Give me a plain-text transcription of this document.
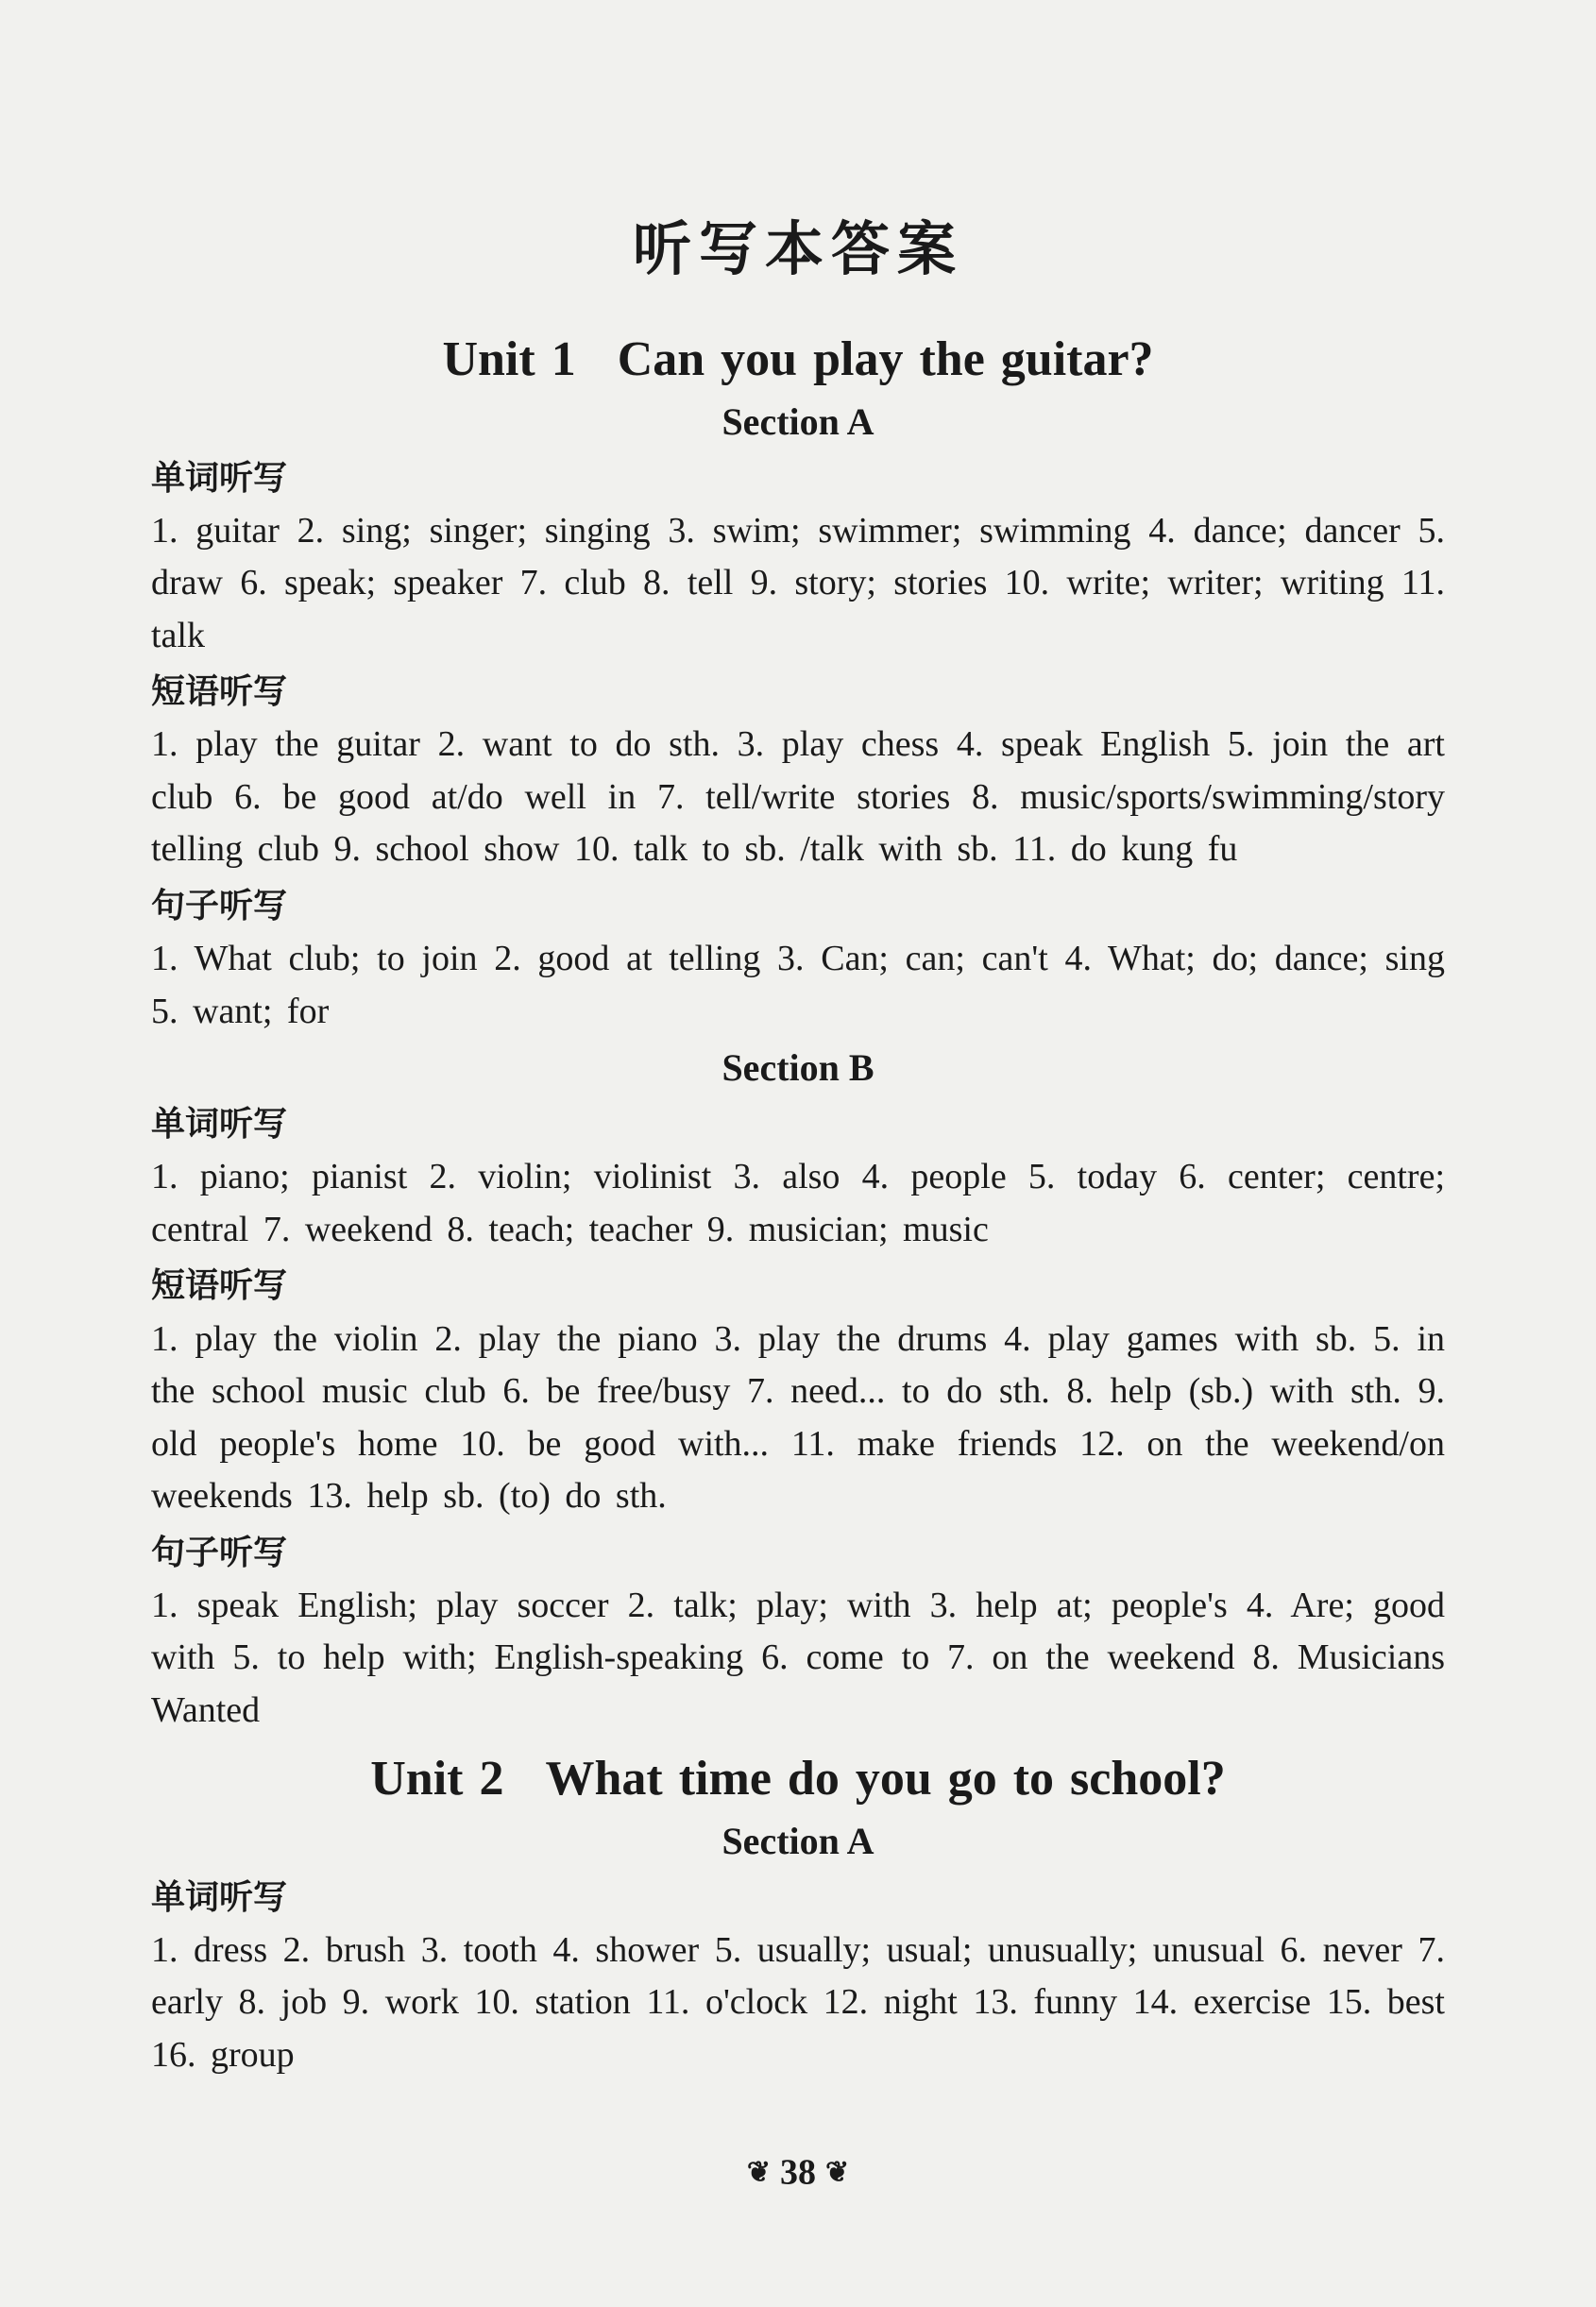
听写本答案
Unit 1 Can you play the guitar?
Section A
单词听写

1. guitar 2. sing; singer; singing 3. swim; swimmer; swimming 4. dance; dancer 5. draw 6. speak; speaker 7. club 8. tell 9. story; stories 10. write; writer; writing 11. talk

短语听写

1. play the guitar 2. want to do sth. 3. play chess 4. speak English 5. join the art club 6. be good at/do well in 7. tell/write stories 8. music/sports/swimming/story telling club 9. school show 10. talk to sb. /talk with sb. 11. do kung fu

句子听写

1. What club; to join 2. good at telling 3. Can; can; can't 4. What; do; dance; sing 5. want; for

Section B
单词听写

1. piano; pianist 2. violin; violinist 3. also 4. people 5. today 6. center; centre; central 7. weekend 8. teach; teacher 9. musician; music

短语听写

1. play the violin 2. play the piano 3. play the drums 4. play games with sb. 5. in the school music club 6. be free/busy 7. need... to do sth. 8. help (sb.) with sth. 9. old people's home 10. be good with... 11. make friends 12. on the weekend/on weekends 13. help sb. (to) do sth.

句子听写

1. speak English; play soccer 2. talk; play; with 3. help at; people's 4. Are; good with 5. to help with; English-speaking 6. come to 7. on the weekend 8. Musicians Wanted

Unit 2 What time do you go to school?
Section A
单词听写

1. dress 2. brush 3. tooth 4. shower 5. usually; usual; unusually; unusual 6. never 7. early 8. job 9. work 10. station 11. o'clock 12. night 13. funny 14. exercise 15. best 16. group

❦ 38 ❦
